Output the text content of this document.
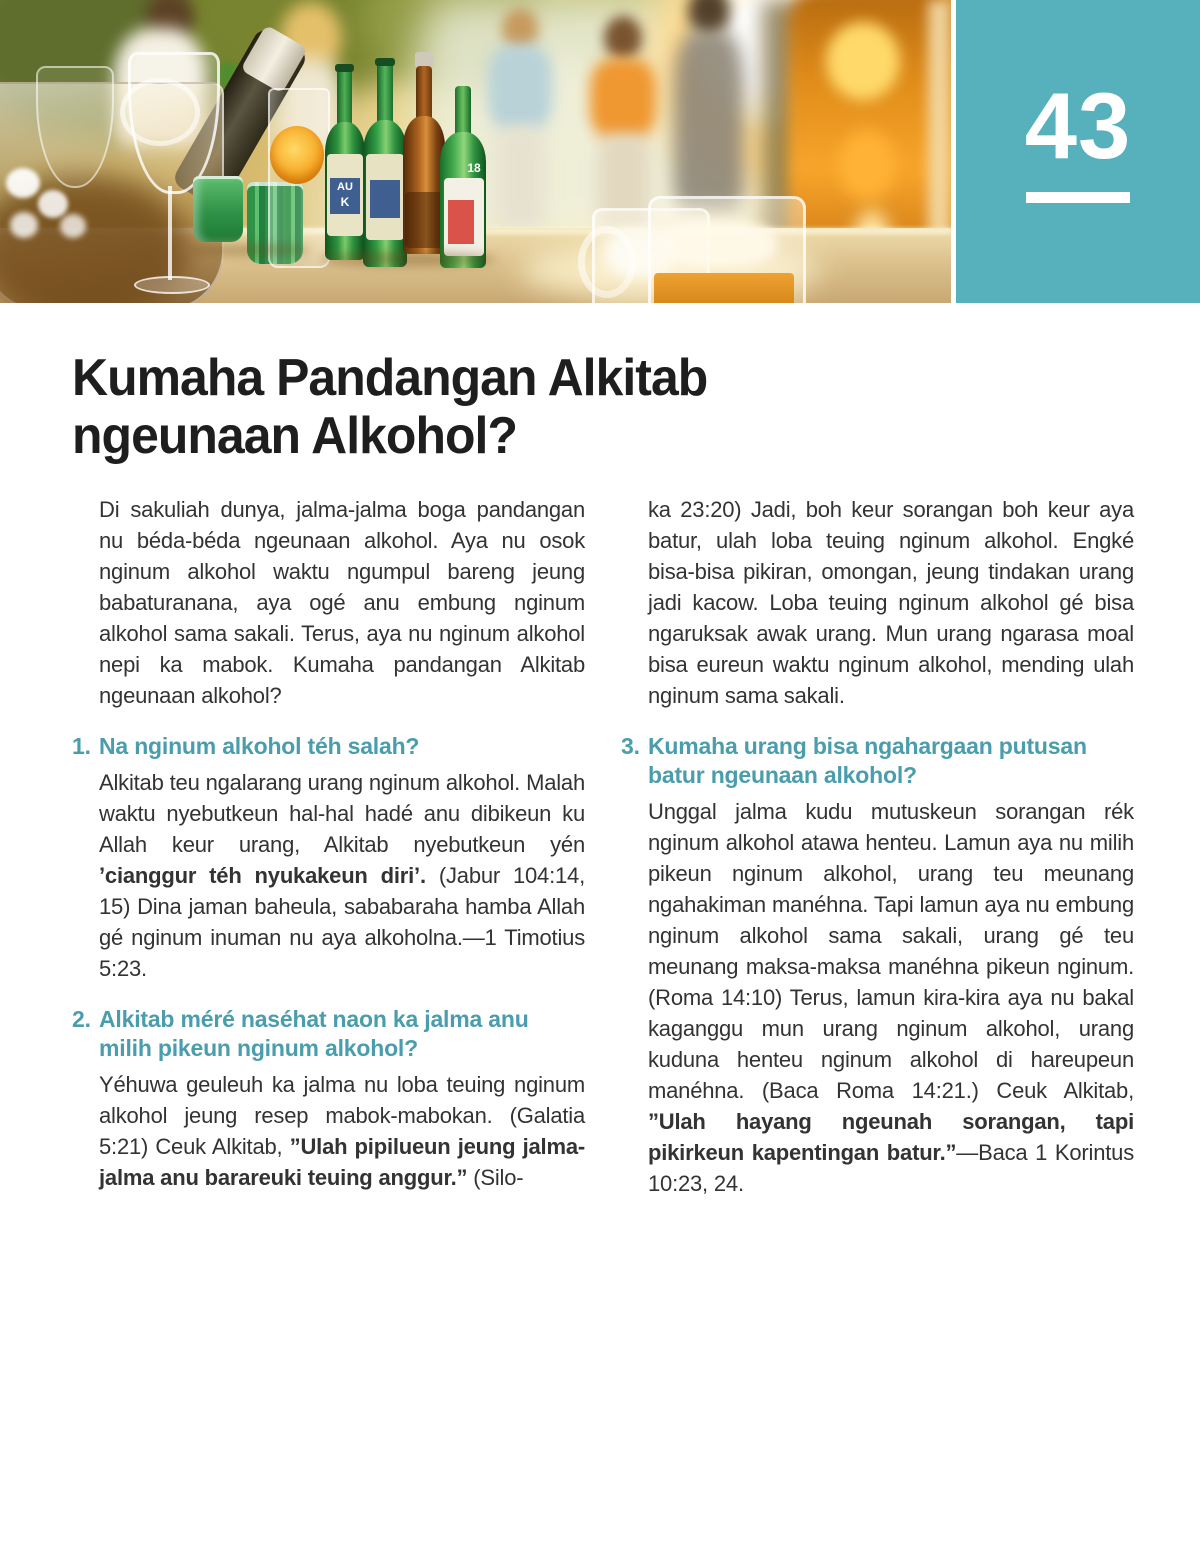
AU
K
18	43
Kumaha Pandangan Alkitab ngeunaan Alkohol?

Di sakuliah dunya, jalma-jalma boga pandangan nu béda-béda ngeunaan alkohol. Aya nu osok nginum alkohol waktu ngumpul bareng jeung babaturanana, aya ogé anu embung nginum alkohol sama sakali. Terus, aya nu nginum alkohol nepi ka mabok. Kumaha pandangan Alkitab ngeunaan alkohol?

1. Na nginum alkohol téh salah?

Alkitab teu ngalarang urang nginum alkohol. Malah waktu nyebutkeun hal-hal hadé anu dibikeun ku Allah keur urang, Alkitab nyebutkeun yén ’cianggur téh nyukakeun diri’. (Jabur 104:14, 15) Dina jaman baheula, sababaraha hamba Allah gé nginum inuman nu aya alkoholna.—1 Timotius 5:23.

2. Alkitab méré naséhat naon ka jalma anu milih pikeun nginum alkohol?

Yéhuwa geuleuh ka jalma nu loba teuing nginum alkohol jeung resep mabok-mabokan. (Galatia 5:21) Ceuk Alkitab, ”Ulah pipilueun jeung jalma-jalma anu barareuki teuing anggur.” (Silo-

ka 23:20) Jadi, boh keur sorangan boh keur aya batur, ulah loba teuing nginum alkohol. Engké bisa-bisa pikiran, omongan, jeung tindakan urang jadi kacow. Loba teuing nginum alkohol gé bisa ngaruksak awak urang. Mun urang ngarasa moal bisa eureun waktu nginum alkohol, mending ulah nginum sama sakali.

3. Kumaha urang bisa ngahargaan putusan batur ngeunaan alkohol?

Unggal jalma kudu mutuskeun sorangan rék nginum alkohol atawa henteu. Lamun aya nu milih pikeun nginum alkohol, urang teu meunang ngahakiman manéhna. Tapi lamun aya nu embung nginum alkohol sama sakali, urang gé teu meunang maksa-maksa manéhna pikeun nginum. (Roma 14:10) Terus, lamun kira-kira aya nu bakal kaganggu mun urang nginum alkohol, urang kuduna henteu nginum alkohol di hareupeun manéhna. (Baca Roma 14:21.) Ceuk Alkitab, ”Ulah hayang ngeunah sorangan, tapi pikirkeun kapentingan batur.”—Baca 1 Korintus 10:23, 24.
